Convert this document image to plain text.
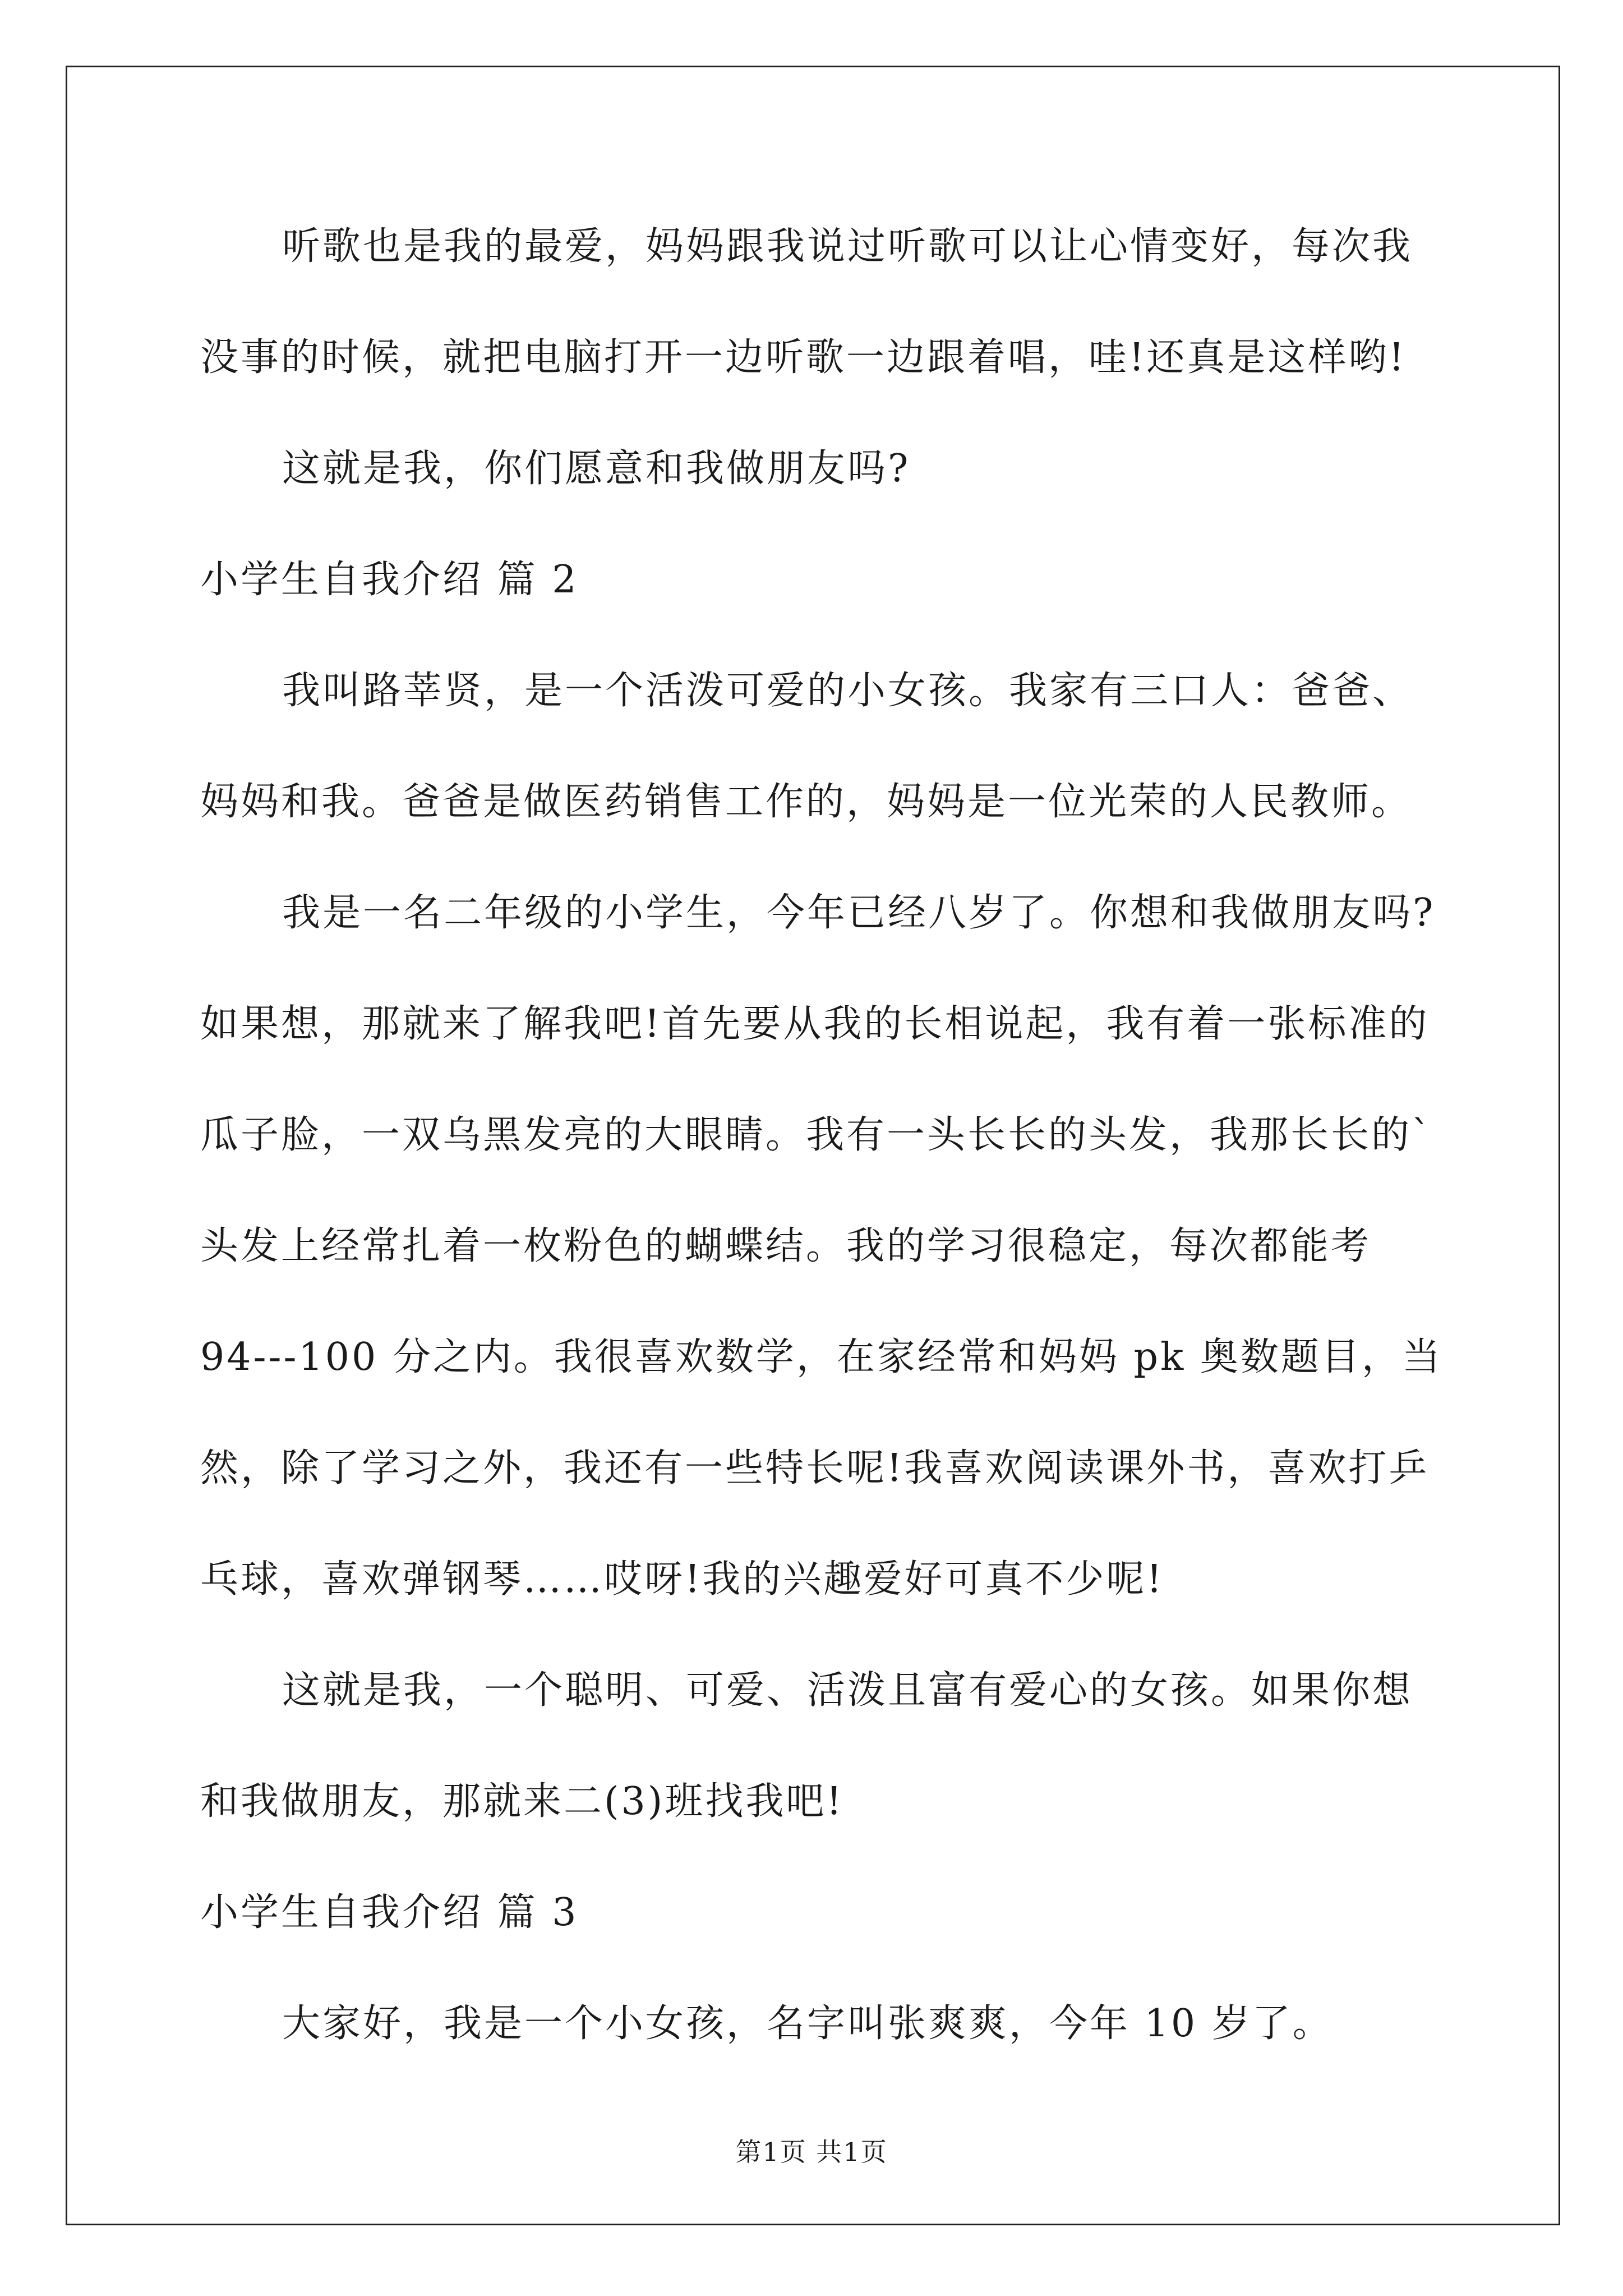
听歌也是我的最爱，妈妈跟我说过听歌可以让心情变好，每次我
没事的时候，就把电脑打开一边听歌一边跟着唱，哇!还真是这样哟!
这就是我，你们愿意和我做朋友吗?
小学生自我介绍 篇 2
我叫路莘贤，是一个活泼可爱的小女孩。我家有三口人：爸爸、
妈妈和我。爸爸是做医药销售工作的，妈妈是一位光荣的人民教师。
我是一名二年级的小学生，今年已经八岁了。你想和我做朋友吗?
如果想，那就来了解我吧!首先要从我的长相说起，我有着一张标准的
瓜子脸，一双乌黑发亮的大眼睛。我有一头长长的头发，我那长长的`
头发上经常扎着一枚粉色的蝴蝶结。我的学习很稳定，每次都能考
94---100 分之内。我很喜欢数学，在家经常和妈妈 pk 奥数题目，当
然，除了学习之外，我还有一些特长呢!我喜欢阅读课外书，喜欢打乒
乓球，喜欢弹钢琴……哎呀!我的兴趣爱好可真不少呢!
这就是我，一个聪明、可爱、活泼且富有爱心的女孩。如果你想
和我做朋友，那就来二(3)班找我吧!
小学生自我介绍 篇 3
大家好，我是一个小女孩，名字叫张爽爽，今年 10 岁了。
第1页 共1页
